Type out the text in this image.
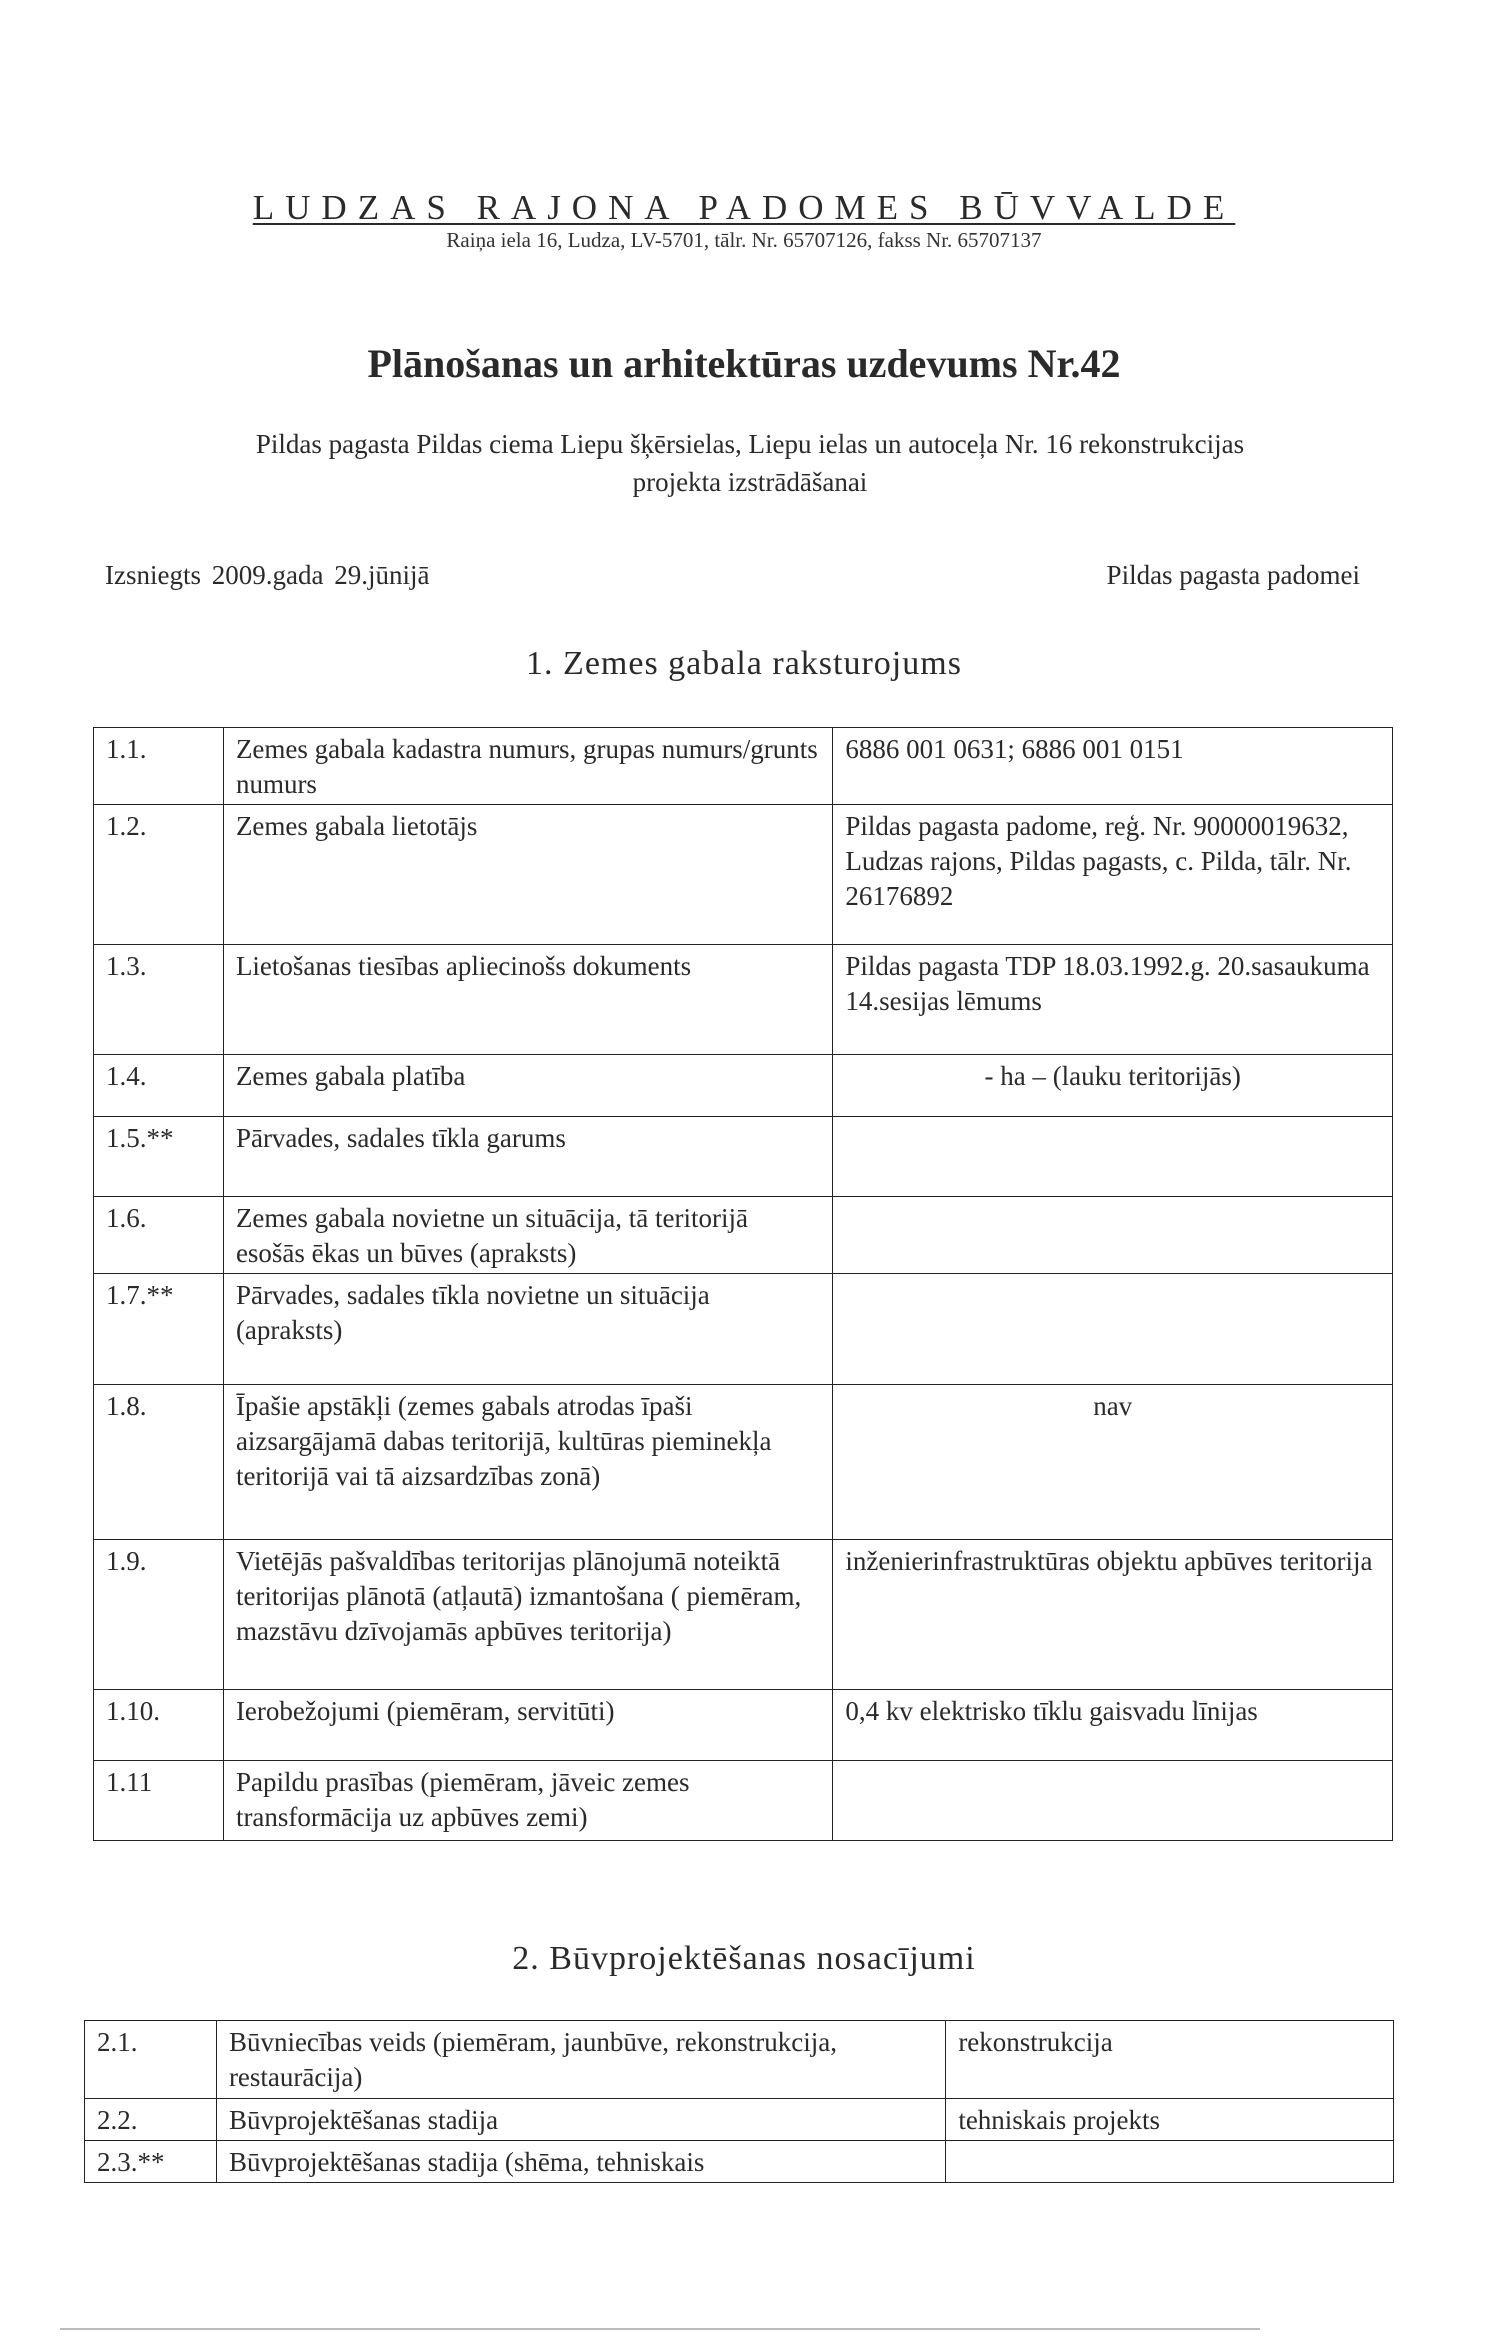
LUDZAS RAJONA PADOMES BŪVVALDE
Raiņa iela 16, Ludza, LV-5701, tālr. Nr. 65707126, fakss Nr. 65707137
Plānošanas un arhitektūras uzdevums Nr.42
Pildas pagasta Pildas ciema Liepu šķērsielas, Liepu ielas un autoceļa Nr. 16 rekonstrukcijas
projekta izstrādāšanai
Izsniegts 2009.gada 29.jūnijā	Pildas pagasta padomei
1. Zemes gabala raksturojums
1.1.	Zemes gabala kadastra numurs, grupas numurs/grunts numurs	6886 001 0631; 6886 001 0151
1.2.	Zemes gabala lietotājs	Pildas pagasta padome, reģ. Nr. 90000019632, Ludzas rajons, Pildas pagasts, c. Pilda, tālr. Nr. 26176892
1.3.	Lietošanas tiesības apliecinošs dokuments	Pildas pagasta TDP 18.03.1992.g. 20.sasaukuma 14.sesijas lēmums
1.4.	Zemes gabala platība	- ha – (lauku teritorijās)
1.5.**	Pārvades, sadales tīkla garums	
1.6.	Zemes gabala novietne un situācija, tā teritorijā esošās ēkas un būves (apraksts)	
1.7.**	Pārvades, sadales tīkla novietne un situācija (apraksts)	
1.8.	Īpašie apstākļi (zemes gabals atrodas īpaši aizsargājamā dabas teritorijā, kultūras pieminekļa teritorijā vai tā aizsardzības zonā)	nav
1.9.	Vietējās pašvaldības teritorijas plānojumā noteiktā teritorijas plānotā (atļautā) izmantošana ( piemēram, mazstāvu dzīvojamās apbūves teritorija)	inženierinfrastruktūras objektu apbūves teritorija
1.10.	Ierobežojumi (piemēram, servitūti)	0,4 kv elektrisko tīklu gaisvadu līnijas
1.11	Papildu prasības (piemēram, jāveic zemes transformācija uz apbūves zemi)	
2. Būvprojektēšanas nosacījumi
2.1.	Būvniecības veids (piemēram, jaunbūve, rekonstrukcija, restaurācija)	rekonstrukcija
2.2.	Būvprojektēšanas stadija	tehniskais projekts
2.3.**	Būvprojektēšanas stadija (shēma, tehniskais	
